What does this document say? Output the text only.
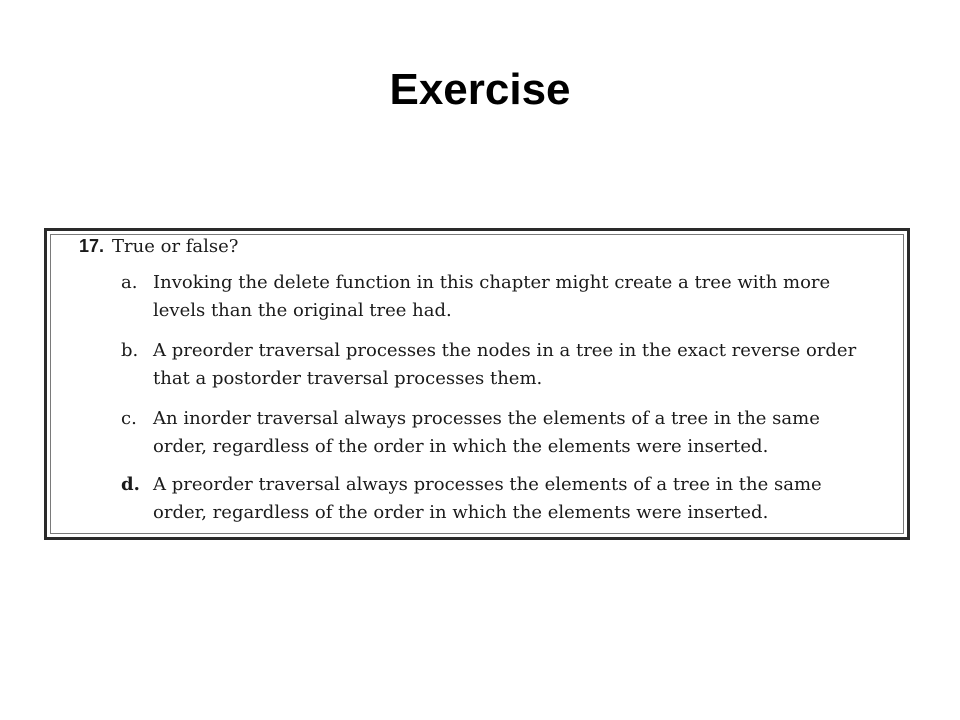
Exercise
17. True or false?
a. Invoking the delete function in this chapter might create a tree with more
levels than the original tree had.
b. A preorder traversal processes the nodes in a tree in the exact reverse order
that a postorder traversal processes them.
c. An inorder traversal always processes the elements of a tree in the same
order, regardless of the order in which the elements were inserted.
d. A preorder traversal always processes the elements of a tree in the same
order, regardless of the order in which the elements were inserted.
